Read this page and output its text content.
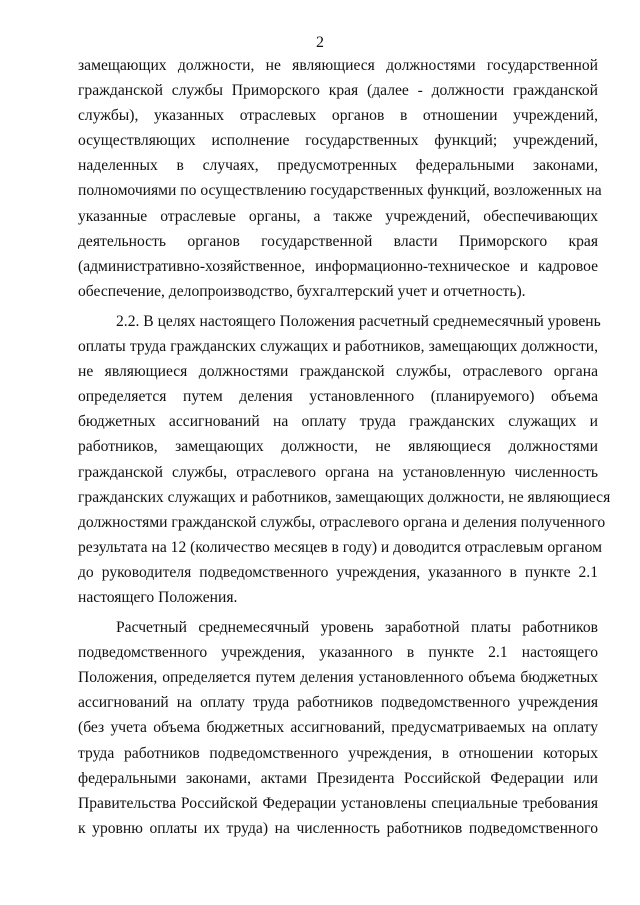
2

замещающих должности, не являющиеся должностями государственной
гражданской службы Приморского края (далее - должности гражданской
службы), указанных отраслевых органов в отношении учреждений,
осуществляющих исполнение государственных функций; учреждений,
наделенных в случаях, предусмотренных федеральными законами,
полномочиями по осуществлению государственных функций, возложенных на
указанные отраслевые органы, а также учреждений, обеспечивающих
деятельность органов государственной власти Приморского края
(административно-хозяйственное, информационно-техническое и кадровое
обеспечение, делопроизводство, бухгалтерский учет и отчетность).

2.2. В целях настоящего Положения расчетный среднемесячный уровень
оплаты труда гражданских служащих и работников, замещающих должности,
не являющиеся должностями гражданской службы, отраслевого органа
определяется путем деления установленного (планируемого) объема
бюджетных ассигнований на оплату труда гражданских служащих и
работников, замещающих должности, не являющиеся должностями
гражданской службы, отраслевого органа на установленную численность
гражданских служащих и работников, замещающих должности, не являющиеся
должностями гражданской службы, отраслевого органа и деления полученного
результата на 12 (количество месяцев в году) и доводится отраслевым органом
до руководителя подведомственного учреждения, указанного в пункте 2.1
настоящего Положения.

Расчетный среднемесячный уровень заработной платы работников
подведомственного учреждения, указанного в пункте 2.1 настоящего
Положения, определяется путем деления установленного объема бюджетных
ассигнований на оплату труда работников подведомственного учреждения
(без учета объема бюджетных ассигнований, предусматриваемых на оплату
труда работников подведомственного учреждения, в отношении которых
федеральными законами, актами Президента Российской Федерации или
Правительства Российской Федерации установлены специальные требования
к уровню оплаты их труда) на численность работников подведомственного
